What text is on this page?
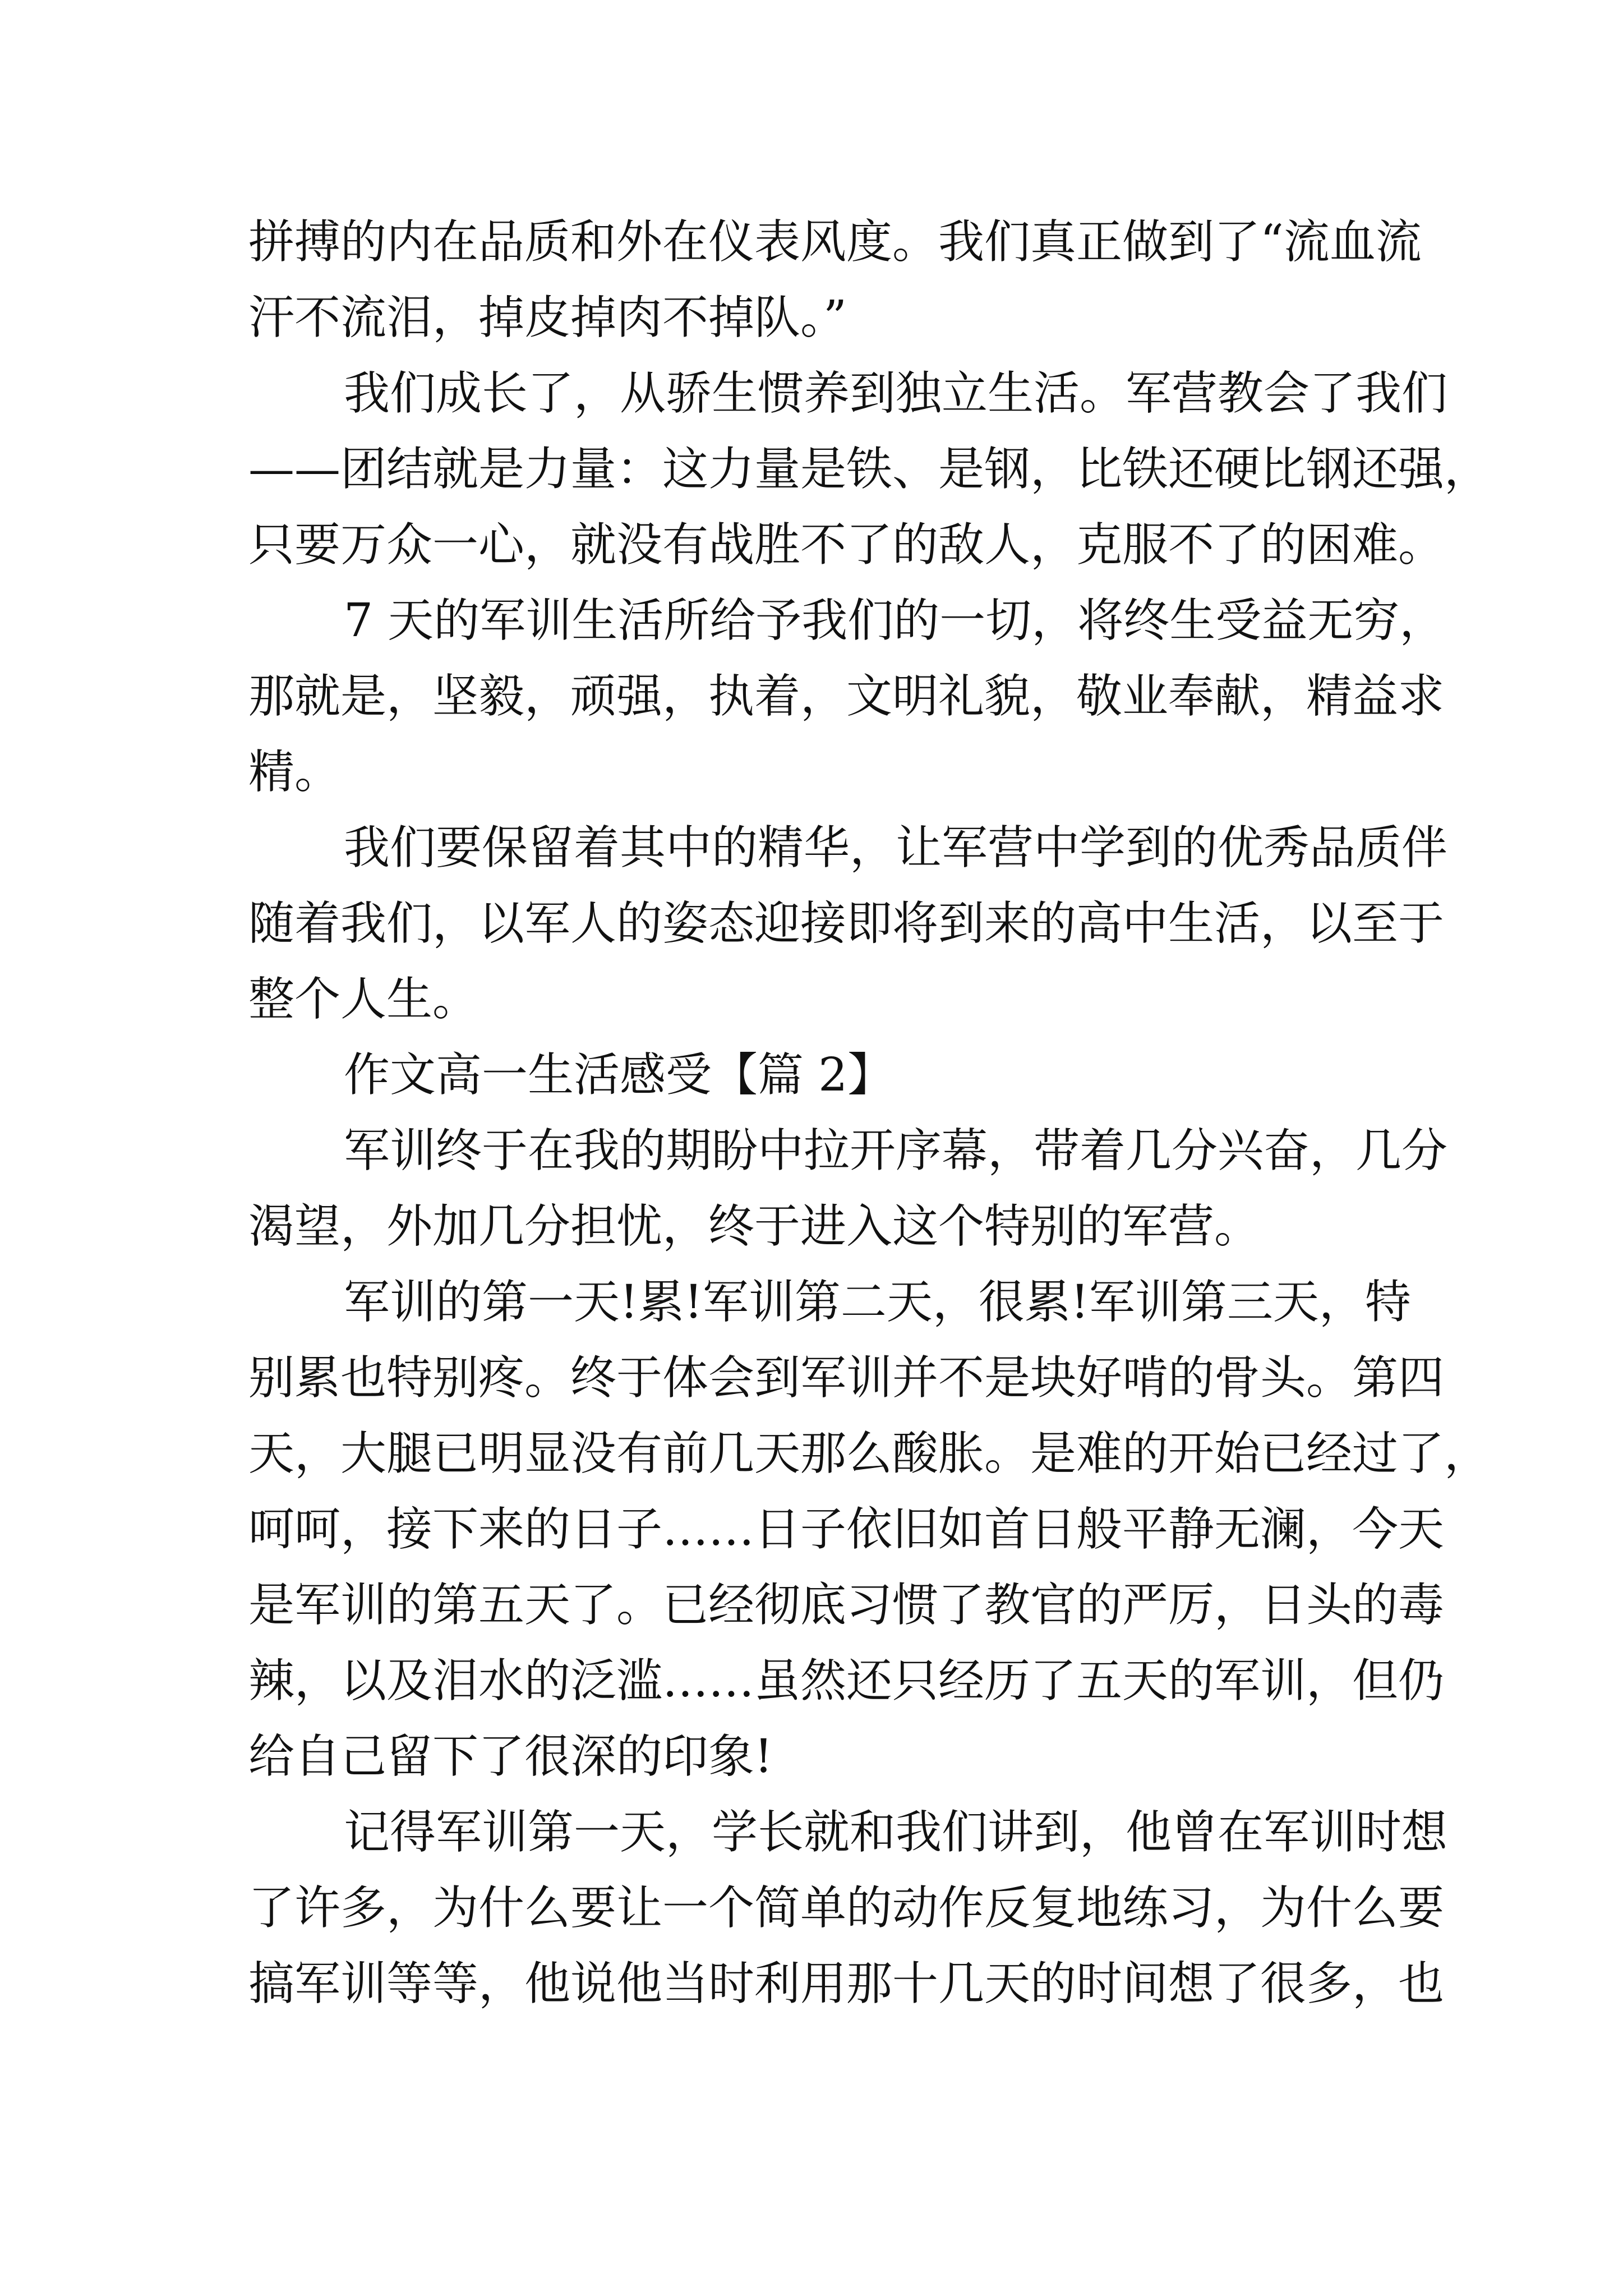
拼搏的内在品质和外在仪表风度。我们真正做到了“流血流
汗不流泪，掉皮掉肉不掉队。”
我们成长了，从骄生惯养到独立生活。军营教会了我们
——团结就是力量：这力量是铁、是钢，比铁还硬比钢还强，
只要万众一心，就没有战胜不了的敌人，克服不了的困难。
7 天的军训生活所给予我们的一切，将终生受益无穷，
那就是，坚毅，顽强，执着，文明礼貌，敬业奉献，精益求
精。
我们要保留着其中的精华，让军营中学到的优秀品质伴
随着我们，以军人的姿态迎接即将到来的高中生活，以至于
整个人生。
作文高一生活感受【篇 2】
军训终于在我的期盼中拉开序幕，带着几分兴奋，几分
渴望，外加几分担忧，终于进入这个特别的军营。
军训的第一天!累!军训第二天，很累!军训第三天，特
别累也特别疼。终于体会到军训并不是块好啃的骨头。第四
天，大腿已明显没有前几天那么酸胀。是难的开始已经过了，
呵呵，接下来的日子……日子依旧如首日般平静无澜，今天
是军训的第五天了。已经彻底习惯了教官的严厉，日头的毒
辣，以及泪水的泛滥……虽然还只经历了五天的军训，但仍
给自己留下了很深的印象!
记得军训第一天，学长就和我们讲到，他曾在军训时想
了许多，为什么要让一个简单的动作反复地练习，为什么要
搞军训等等，他说他当时利用那十几天的时间想了很多，也
